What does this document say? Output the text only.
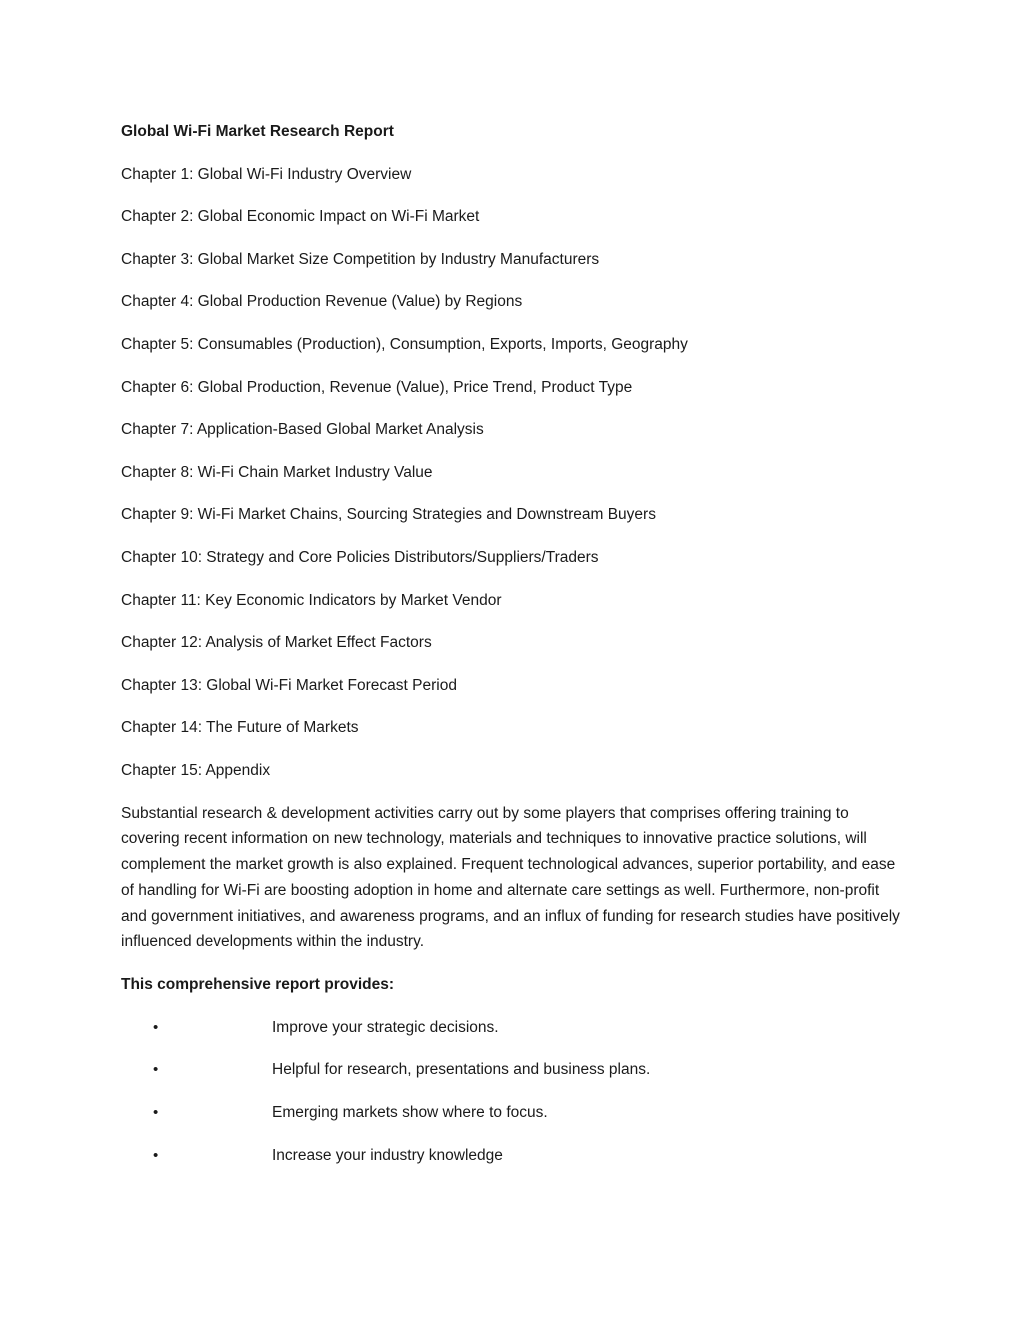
Global Wi-Fi Market Research Report

Chapter 1: Global Wi-Fi Industry Overview
Chapter 2: Global Economic Impact on Wi-Fi Market
Chapter 3: Global Market Size Competition by Industry Manufacturers
Chapter 4: Global Production Revenue (Value) by Regions
Chapter 5: Consumables (Production), Consumption, Exports, Imports, Geography
Chapter 6: Global Production, Revenue (Value), Price Trend, Product Type
Chapter 7: Application-Based Global Market Analysis
Chapter 8: Wi-Fi Chain Market Industry Value
Chapter 9: Wi-Fi Market Chains, Sourcing Strategies and Downstream Buyers
Chapter 10: Strategy and Core Policies Distributors/Suppliers/Traders
Chapter 11: Key Economic Indicators by Market Vendor
Chapter 12: Analysis of Market Effect Factors
Chapter 13: Global Wi-Fi Market Forecast Period
Chapter 14: The Future of Markets
Chapter 15: Appendix

Substantial research & development activities carry out by some players that comprises offering training to covering recent information on new technology, materials and techniques to innovative practice solutions, will complement the market growth is also explained. Frequent technological advances, superior portability, and ease of handling for Wi-Fi are boosting adoption in home and alternate care settings as well. Furthermore, non-profit and government initiatives, and awareness programs, and an influx of funding for research studies have positively influenced developments within the industry.

This comprehensive report provides:

•	Improve your strategic decisions.
•	Helpful for research, presentations and business plans.
•	Emerging markets show where to focus.
•	Increase your industry knowledge
